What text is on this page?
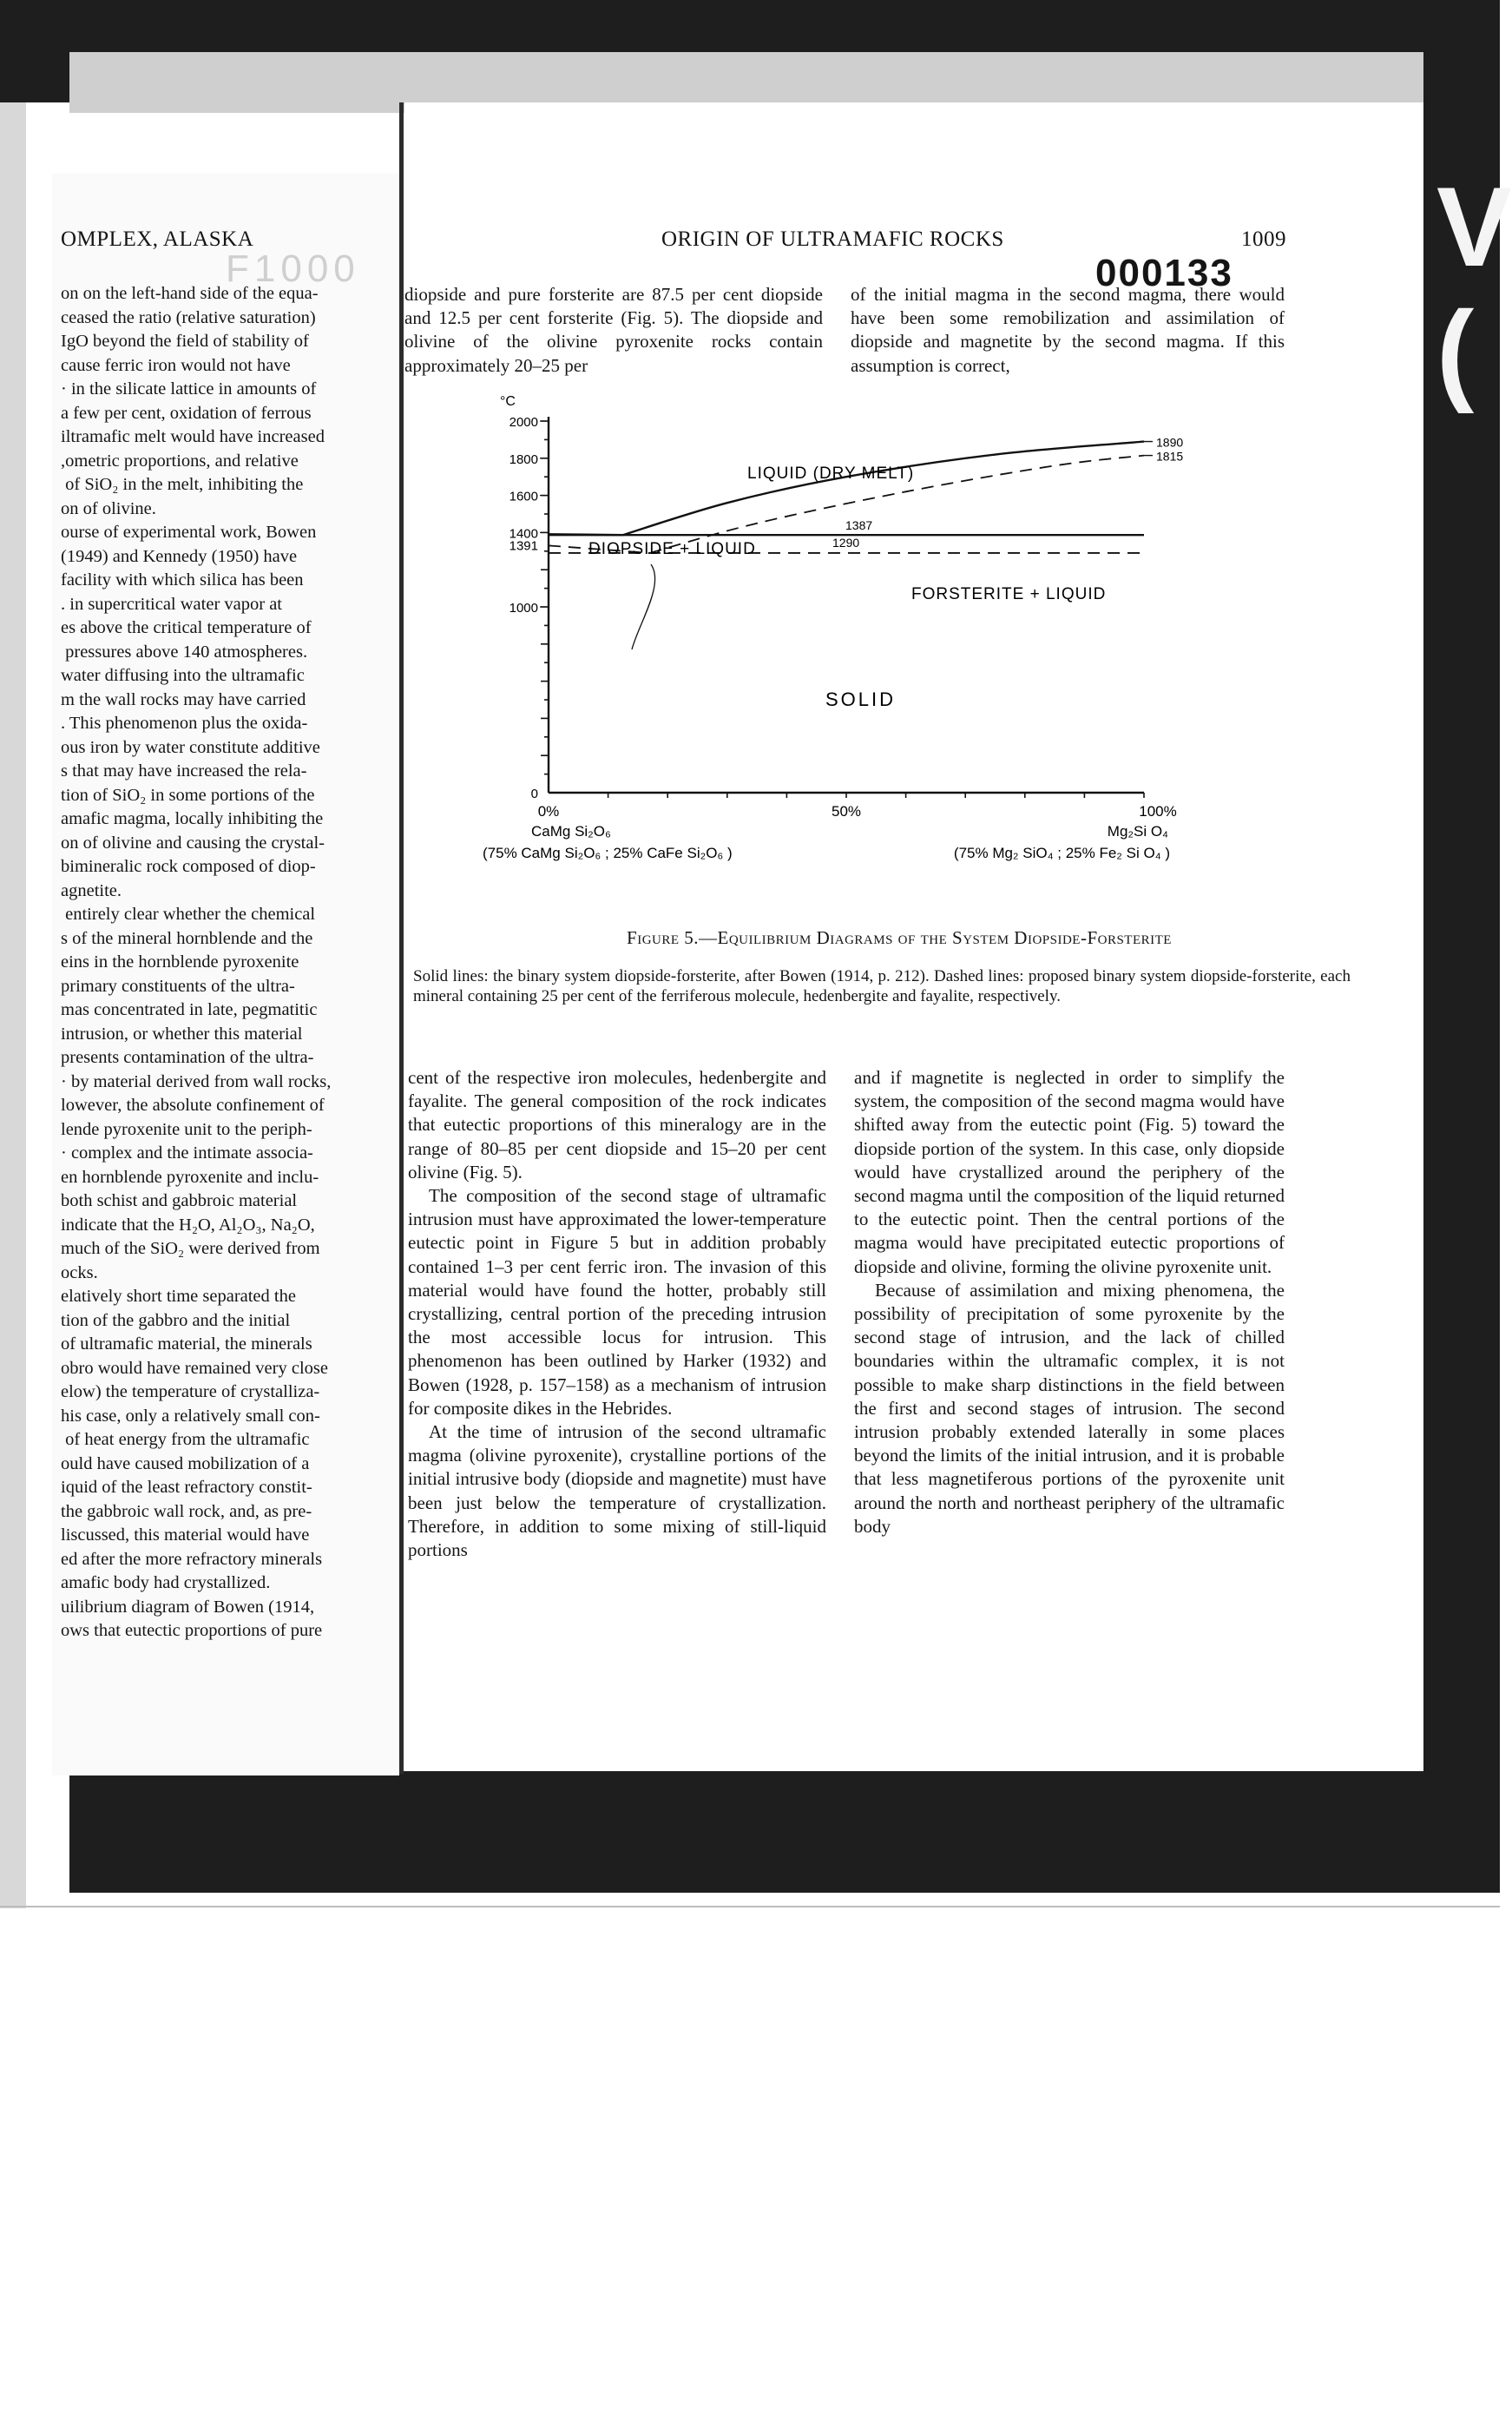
V
(
OMPLEX, ALASKA
F1000
on on the left-hand side of the equa-
ceased the ratio (relative saturation)
IgO beyond the field of stability of
cause ferric iron would not have
· in the silicate lattice in amounts of
a few per cent, oxidation of ferrous
iltramafic melt would have increased
,ometric proportions, and relative
of SiO₂ in the melt, inhibiting the
on of olivine.
ourse of experimental work, Bowen
(1949) and Kennedy (1950) have
facility with which silica has been
. in supercritical water vapor at
es above the critical temperature of
pressures above 140 atmospheres.
water diffusing into the ultramafic
m the wall rocks may have carried
. This phenomenon plus the oxida-
ous iron by water constitute additive
s that may have increased the rela-
tion of SiO₂ in some portions of the
amafic magma, locally inhibiting the
on of olivine and causing the crystal-
bimineralic rock composed of diop-
agnetite.
entirely clear whether the chemical
s of the mineral hornblende and the
eins in the hornblende pyroxenite
primary constituents of the ultra-
mas concentrated in late, pegmatitic
intrusion, or whether this material
presents contamination of the ultra-
· by material derived from wall rocks,
lowever, the absolute confinement of
lende pyroxenite unit to the periph-
· complex and the intimate associa-
en hornblende pyroxenite and inclu-
both schist and gabbroic material
indicate that the H₂O, Al₂O₃, Na₂O,
much of the SiO₂ were derived from
ocks.
elatively short time separated the
tion of the gabbro and the initial
of ultramafic material, the minerals
obro would have remained very close
elow) the temperature of crystalliza-
his case, only a relatively small con-
of heat energy from the ultramafic
ould have caused mobilization of a
iquid of the least refractory constit-
the gabbroic wall rock, and, as pre-
liscussed, this material would have
ed after the more refractory minerals
amafic body had crystallized.
uilibrium diagram of Bowen (1914,
ows that eutectic proportions of pure
ORIGIN OF ULTRAMAFIC ROCKS	1009
000133

diopside and pure forsterite are 87.5 per cent diopside and 12.5 per cent forsterite (Fig. 5). The diopside and olivine of the olivine pyroxenite rocks contain approximately 20–25 per

of the initial magma in the second magma, there would have been some remobilization and assimilation of diopside and magnetite by the second magma. If this assumption is correct,

°C
0
1000
1391
1400
1600
1800
2000
0%	50%	100%
CaMg Si₂O₆
(75% CaMg Si₂O₆ ; 25% CaFe Si₂O₆ )
Mg₂Si O₄
(75% Mg₂ SiO₄ ; 25% Fe₂ Si O₄ )
LIQUID (DRY MELT)
DIOPSIDE + LIQUID
FORSTERITE + LIQUID
SOLID
1890
1815
1387
1290
Figure 5.—Equilibrium Diagrams of the System Diopside-Forsterite
Solid lines: the binary system diopside-forsterite, after Bowen (1914, p. 212). Dashed lines: proposed binary system diopside-forsterite, each mineral containing 25 per cent of the ferriferous molecule, hedenbergite and fayalite, respectively.

cent of the respective iron molecules, hedenbergite and fayalite. The general composition of the rock indicates that eutectic proportions of this mineralogy are in the range of 80–85 per cent diopside and 15–20 per cent olivine (Fig. 5).

The composition of the second stage of ultramafic intrusion must have approximated the lower-temperature eutectic point in Figure 5 but in addition probably contained 1–3 per cent ferric iron. The invasion of this material would have found the hotter, probably still crystallizing, central portion of the preceding intrusion the most accessible locus for intrusion. This phenomenon has been outlined by Harker (1932) and Bowen (1928, p. 157–158) as a mechanism of intrusion for composite dikes in the Hebrides.

At the time of intrusion of the second ultramafic magma (olivine pyroxenite), crystalline portions of the initial intrusive body (diopside and magnetite) must have been just below the temperature of crystallization. Therefore, in addition to some mixing of still-liquid portions

and if magnetite is neglected in order to simplify the system, the composition of the second magma would have shifted away from the eutectic point (Fig. 5) toward the diopside portion of the system. In this case, only diopside would have crystallized around the periphery of the second magma until the composition of the liquid returned to the eutectic point. Then the central portions of the magma would have precipitated eutectic proportions of diopside and olivine, forming the olivine pyroxenite unit.

Because of assimilation and mixing phenomena, the possibility of precipitation of some pyroxenite by the second stage of intrusion, and the lack of chilled boundaries within the ultramafic complex, it is not possible to make sharp distinctions in the field between the first and second stages of intrusion. The second intrusion probably extended laterally in some places beyond the limits of the initial intrusion, and it is probable that less magnetiferous portions of the pyroxenite unit around the north and northeast periphery of the ultramafic body
